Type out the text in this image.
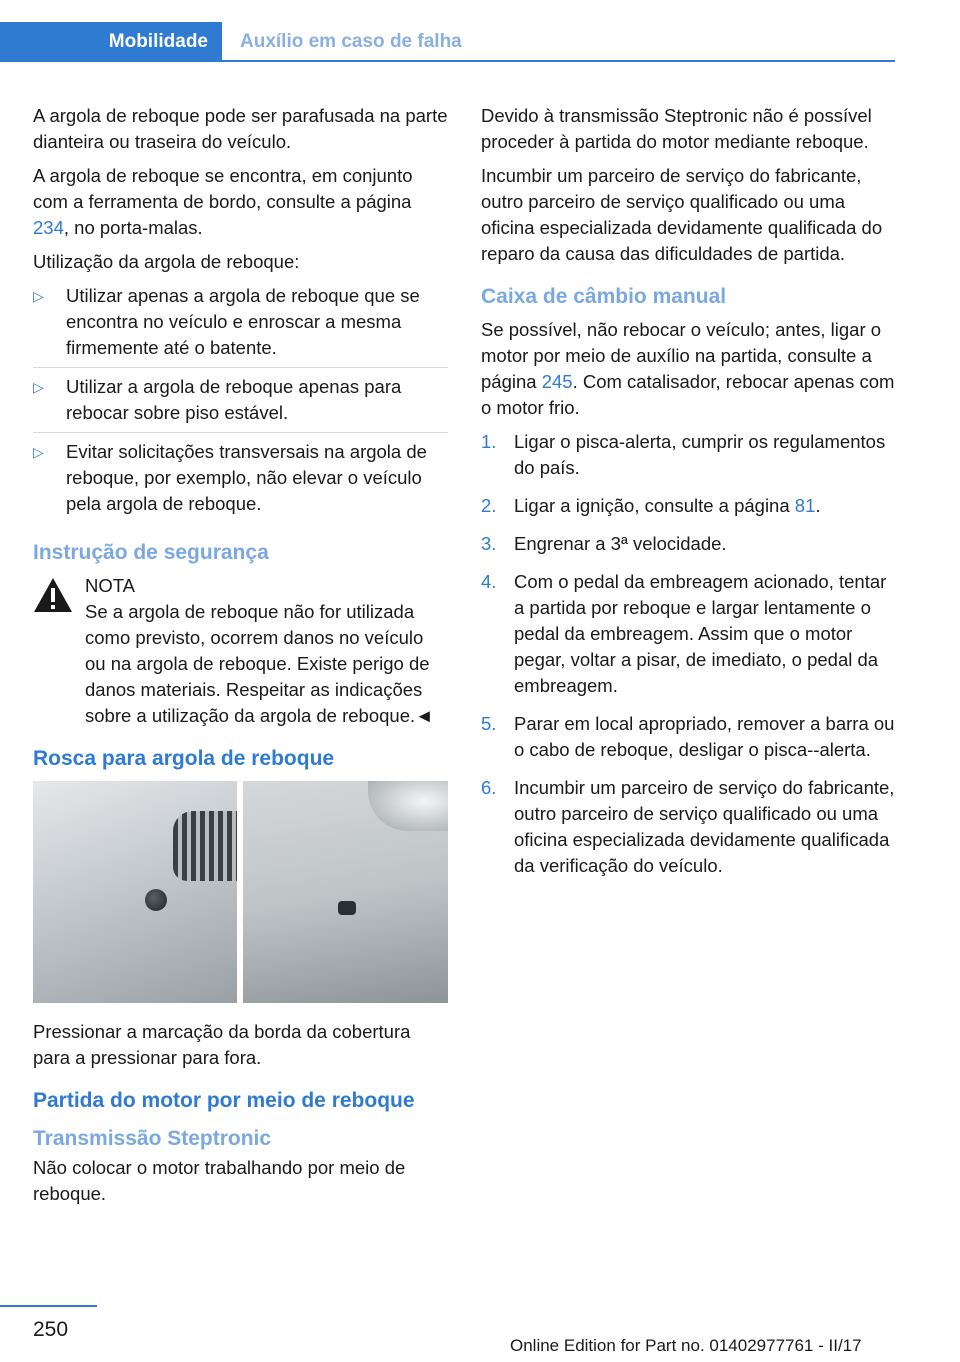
Mobilidade	Auxílio em caso de falha

A argola de reboque pode ser parafusada na parte dianteira ou traseira do veículo.

A argola de reboque se encontra, em conjunto com a ferramenta de bordo, consulte a página 234, no porta-malas.

Utilização da argola de reboque:

▷ Utilizar apenas a argola de reboque que se encontra no veículo e enroscar a mesma firmemente até o batente.
▷ Utilizar a argola de reboque apenas para rebocar sobre piso estável.
▷ Evitar solicitações transversais na argola de reboque, por exemplo, não elevar o veículo pela argola de reboque.
Instrução de segurança
NOTA
Se a argola de reboque não for utilizada como previsto, ocorrem danos no veículo ou na argola de reboque. Existe perigo de danos materiais. Respeitar as indicações sobre a utilização da argola de reboque.◄
Rosca para argola de reboque

Pressionar a marcação da borda da cobertura para a pressionar para fora.

Partida do motor por meio de reboque
Transmissão Steptronic

Não colocar o motor trabalhando por meio de reboque.

Devido à transmissão Steptronic não é possível proceder à partida do motor mediante reboque.

Incumbir um parceiro de serviço do fabricante, outro parceiro de serviço qualificado ou uma oficina especializada devidamente qualificada do reparo da causa das dificuldades de partida.

Caixa de câmbio manual

Se possível, não rebocar o veículo; antes, ligar o motor por meio de auxílio na partida, consulte a página 245. Com catalisador, rebocar apenas com o motor frio.

1. Ligar o pisca-alerta, cumprir os regulamentos do país.
2. Ligar a ignição, consulte a página 81.
3. Engrenar a 3ª velocidade.
4. Com o pedal da embreagem acionado, tentar a partida por reboque e largar lentamente o pedal da embreagem. Assim que o motor pegar, voltar a pisar, de imediato, o pedal da embreagem.
5. Parar em local apropriado, remover a barra ou o cabo de reboque, desligar o pisca--alerta.
6. Incumbir um parceiro de serviço do fabricante, outro parceiro de serviço qualificado ou uma oficina especializada devidamente qualificada da verificação do veículo.
250
Online Edition for Part no. 01402977761 - II/17
